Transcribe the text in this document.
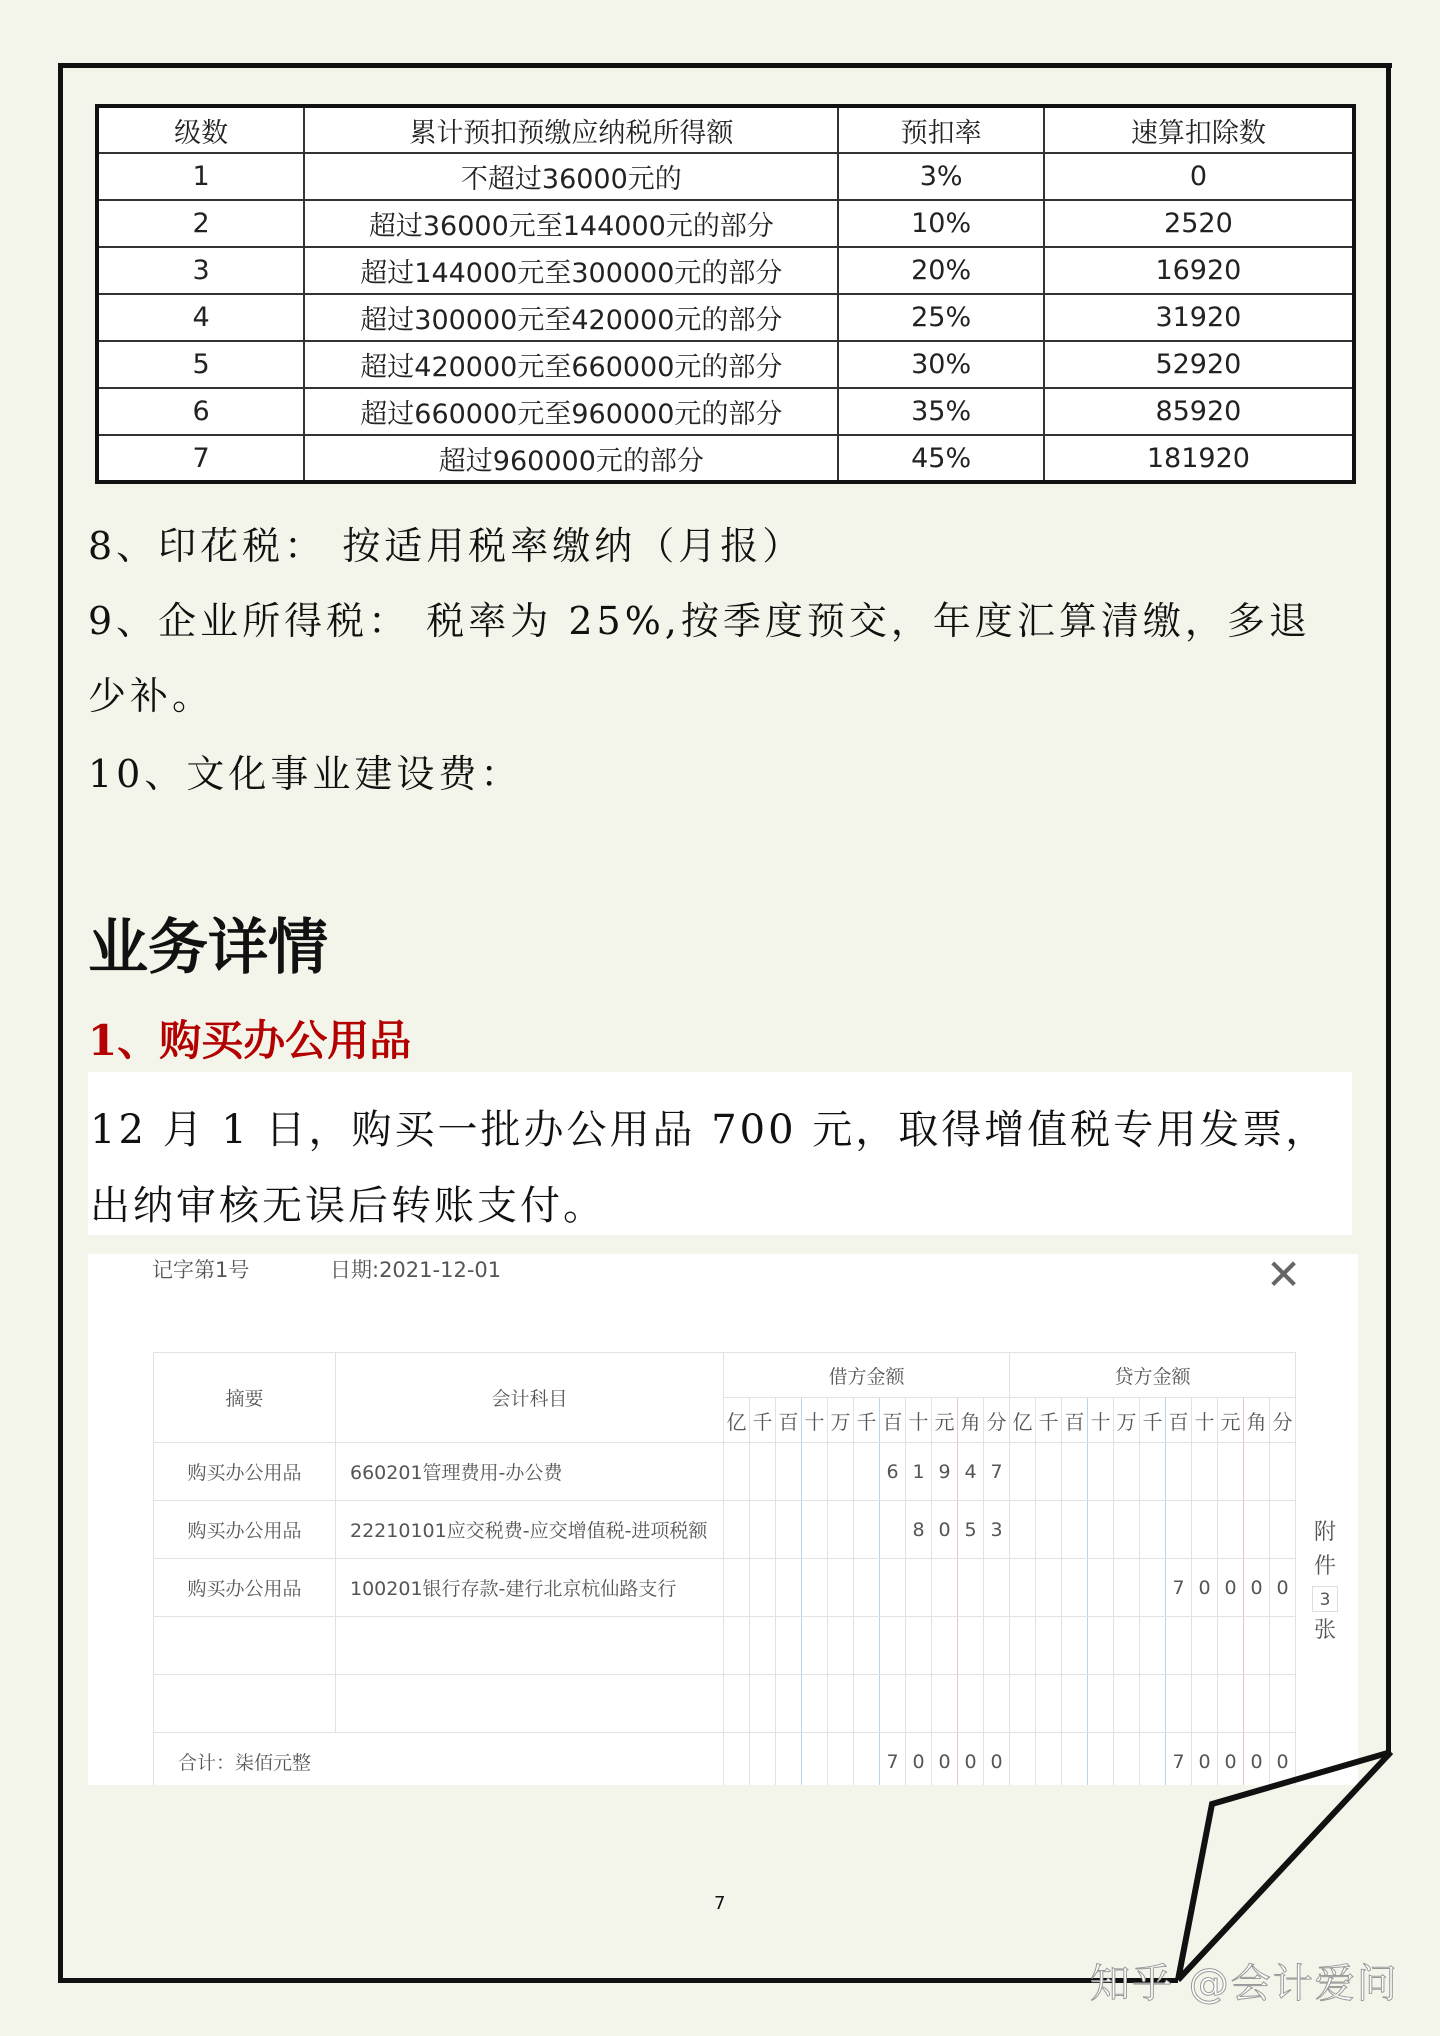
级数	累计预扣预缴应纳税所得额	预扣率	速算扣除数
1	不超过36000元的	3%	0
2	超过36000元至144000元的部分	10%	2520
3	超过144000元至300000元的部分	20%	16920
4	超过300000元至420000元的部分	25%	31920
5	超过420000元至660000元的部分	30%	52920
6	超过660000元至960000元的部分	35%	85920
7	超过960000元的部分	45%	181920
8、印花税： 按适用税率缴纳（月报）
9、企业所得税： 税率为 25%,按季度预交，年度汇算清缴，多退
少补。
10、文化事业建设费：
业务详情
1、购买办公用品

12 月 1 日，购买一批办公用品 700 元，取得增值税专用发票，

出纳审核无误后转账支付。

记字第1号	日期:2021-12-01	✕
摘要	会计科目	借方金额											贷方金额										
		亿	千	百	十	万	千	百	十	元	角	分	亿	千	百	十	万	千	百	十	元	角	分
购买办公用品	660201管理费用-办公费							6	1	9	4	7											
购买办公用品	22210101应交税费-应交增值税-进项税额								8	0	5	3											
购买办公用品	100201银行存款-建行北京杭仙路支行																		7	0	0	0	0

合计：柒佰元整								7	0	0	0	0							7	0	0	0	0
附
件
3
张
7
知乎 @会计爱问
